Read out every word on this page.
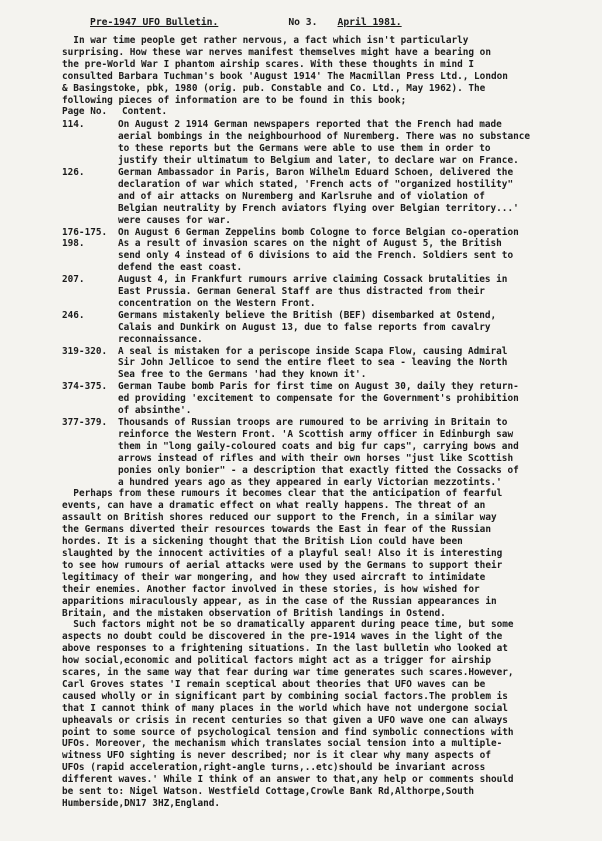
Pre-1947 UFO Bulletin.	No 3. April 1981.

In war time people get rather nervous, a fact which isn't particularly
surprising. How these war nerves manifest themselves might have a bearing on
the pre-World War I phantom airship scares. With these thoughts in mind I
consulted Barbara Tuchman's book 'August 1914' The Macmillan Press Ltd., London
& Basingstoke, pbk, 1980 (orig. pub. Constable and Co. Ltd., May 1962). The
following pieces of information are to be found in this book;

Page No.	Content.
114.	On August 2 1914 German newspapers reported that the French had made
aerial bombings in the neighbourhood of Nuremberg. There was no substance
to these reports but the Germans were able to use them in order to
justify their ultimatum to Belgium and later, to declare war on France.
126.	German Ambassador in Paris, Baron Wilhelm Eduard Schoen, delivered the
declaration of war which stated, 'French acts of "organized hostility"
and of air attacks on Nuremberg and Karlsruhe and of violation of
Belgian neutrality by French aviators flying over Belgian territory...'
were causes for war.
176-175.	On August 6 German Zeppelins bomb Cologne to force Belgian co-operation
198.	As a result of invasion scares on the night of August 5, the British
send only 4 instead of 6 divisions to aid the French. Soldiers sent to
defend the east coast.
207.	August 4, in Frankfurt rumours arrive claiming Cossack brutalities in
East Prussia. German General Staff are thus distracted from their
concentration on the Western Front.
246.	Germans mistakenly believe the British (BEF) disembarked at Ostend,
Calais and Dunkirk on August 13, due to false reports from cavalry
reconnaissance.
319-320.	A seal is mistaken for a periscope inside Scapa Flow, causing Admiral
Sir John Jellicoe to send the entire fleet to sea - leaving the North
Sea free to the Germans 'had they known it'.
374-375.	German Taube bomb Paris for first time on August 30, daily they return-
ed providing 'excitement to compensate for the Government's prohibition
of absinthe'.
377-379.	Thousands of Russian troops are rumoured to be arriving in Britain to
reinforce the Western Front. 'A Scottish army officer in Edinburgh saw
them in "long gaily-coloured coats and big fur caps", carrying bows and
arrows instead of rifles and with their own horses "just like Scottish
ponies only bonier" - a description that exactly fitted the Cossacks of
a hundred years ago as they appeared in early Victorian mezzotints.'

Perhaps from these rumours it becomes clear that the anticipation of fearful
events, can have a dramatic effect on what really happens. The threat of an
assault on British shores reduced our support to the French, in a similar way
the Germans diverted their resources towards the East in fear of the Russian
hordes. It is a sickening thought that the British Lion could have been
slaughted by the innocent activities of a playful seal! Also it is interesting
to see how rumours of aerial attacks were used by the Germans to support their
legitimacy of their war mongering, and how they used aircraft to intimidate
their enemies. Another factor involved in these stories, is how wished for
apparitions miraculously appear, as in the case of the Russian appearances in
Britain, and the mistaken observation of British landings in Ostend.

Such factors might not be so dramatically apparent during peace time, but some
aspects no doubt could be discovered in the pre-1914 waves in the light of the
above responses to a frightening situations. In the last bulletin who looked at
how social,economic and political factors might act as a trigger for airship
scares, in the same way that fear during war time generates such scares.However,
Carl Groves states 'I remain sceptical about theories that UFO waves can be
caused wholly or in significant part by combining social factors.The problem is
that I cannot think of many places in the world which have not undergone social
upheavals or crisis in recent centuries so that given a UFO wave one can always
point to some source of psychological tension and find symbolic connections with
UFOs. Moreover, the mechanism which translates social tension into a multiple-
witness UFO sighting is never described; nor is it clear why many aspects of
UFOs (rapid acceleration,right-angle turns,..etc)should be invariant across
different waves.' While I think of an answer to that,any help or comments should
be sent to: Nigel Watson. Westfield Cottage,Crowle Bank Rd,Althorpe,South
Humberside,DN17 3HZ,England.
